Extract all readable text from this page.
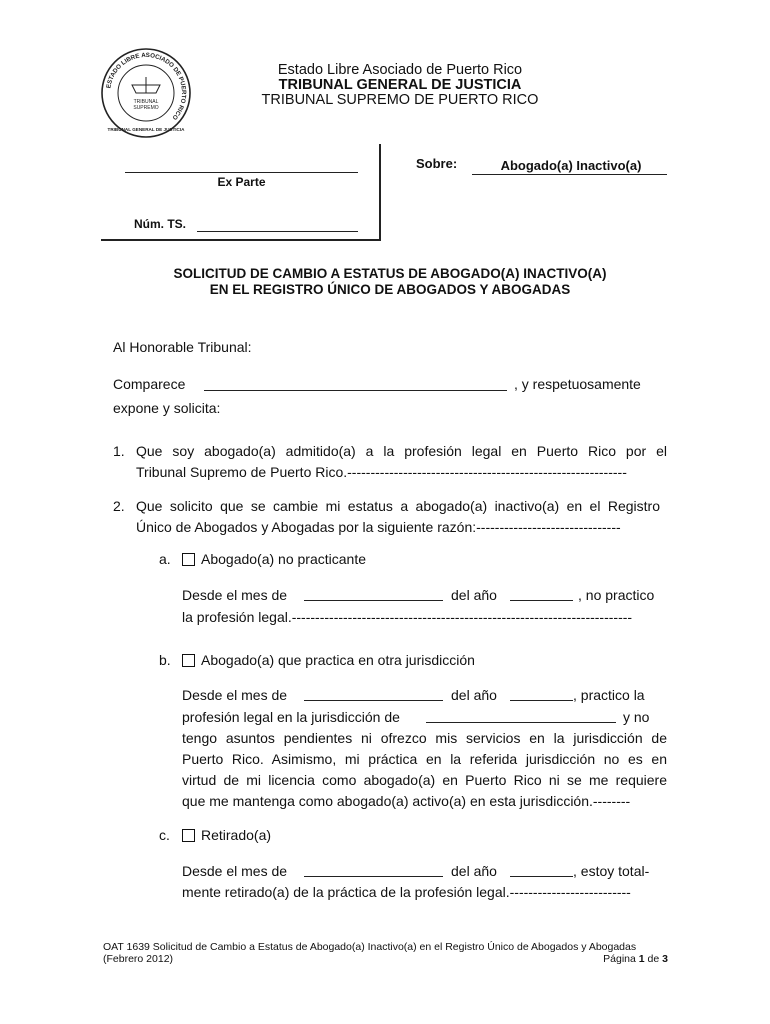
ESTADO LIBRE ASOCIADO DE PUERTO RICO
TRIBUNAL
SUPREMO
TRIBUNAL GENERAL DE JUSTICIA
Estado Libre Asociado de Puerto Rico
TRIBUNAL GENERAL DE JUSTICIA
TRIBUNAL SUPREMO DE PUERTO RICO
Ex Parte
Núm. TS.
Sobre:	Abogado(a) Inactivo(a)
SOLICITUD DE CAMBIO A ESTATUS DE ABOGADO(A) INACTIVO(A)
EN EL REGISTRO ÚNICO DE ABOGADOS Y ABOGADAS
Al Honorable Tribunal:
Comparece	, y respetuosamente
expone y solicita:
1. Que soy abogado(a) admitido(a) a la profesión legal en Puerto Rico por el
Tribunal Supremo de Puerto Rico.------------------------------------------------------------
2. Que solicito que se cambie mi estatus a abogado(a) inactivo(a) en el Registro
Único de Abogados y Abogadas por la siguiente razón:-------------------------------
a.	Abogado(a) no practicante
Desde el mes de	del año	, no practico
la profesión legal.-------------------------------------------------------------------------
b.	Abogado(a) que practica en otra jurisdicción
Desde el mes de	del año	, practico la
profesión legal en la jurisdicción de	y no
tengo asuntos pendientes ni ofrezco mis servicios en la jurisdicción de
Puerto Rico. Asimismo, mi práctica en la referida jurisdicción no es en
virtud de mi licencia como abogado(a) en Puerto Rico ni se me requiere
que me mantenga como abogado(a) activo(a) en esta jurisdicción.--------
c.	Retirado(a)
Desde el mes de	del año	, estoy total-
mente retirado(a) de la práctica de la profesión legal.--------------------------
OAT 1639 Solicitud de Cambio a Estatus de Abogado(a) Inactivo(a) en el Registro Único de Abogados y Abogadas
(Febrero 2012)	Página 1 de 3
